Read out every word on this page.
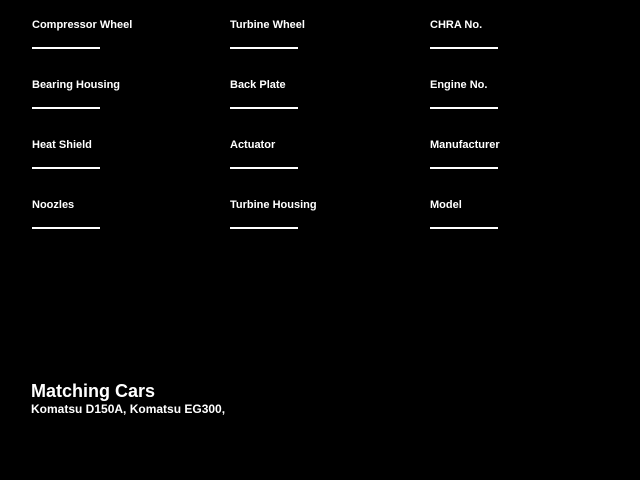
Compressor Wheel	Turbine Wheel	CHRA No.
Bearing Housing	Back Plate	Engine No.
Heat Shield	Actuator	Manufacturer
Noozles	Turbine Housing	Model
Matching Cars
Komatsu D150A, Komatsu EG300,
